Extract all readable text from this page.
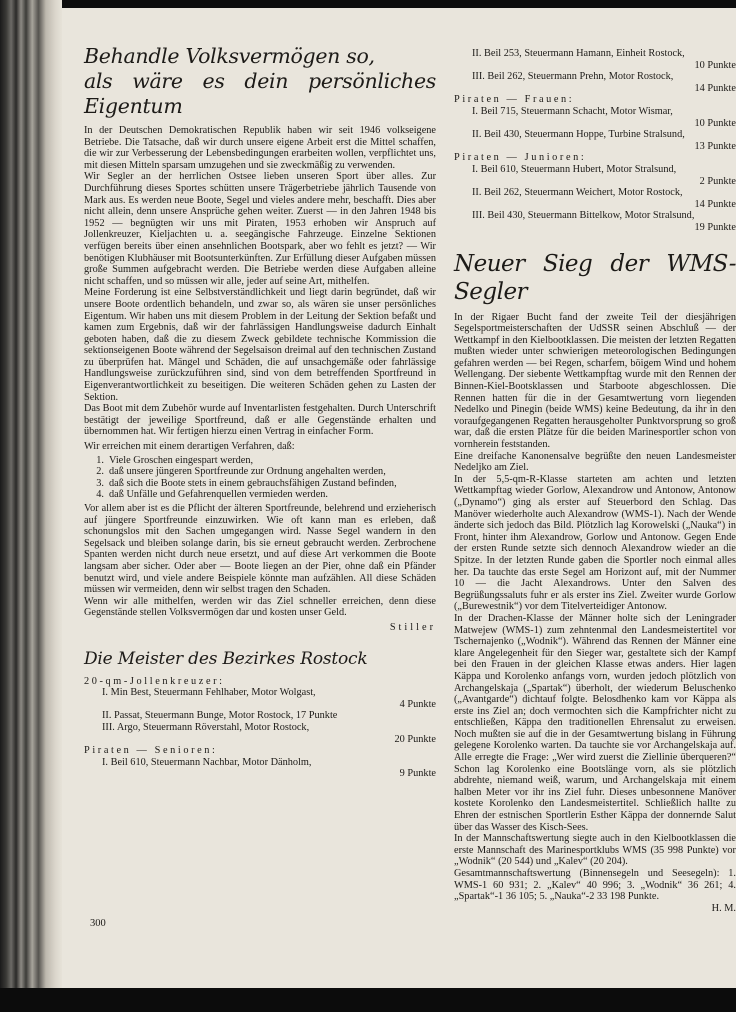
Behandle Volksvermögen so,
als wäre es dein persönliches Eigentum

In der Deutschen Demokratischen Republik haben wir seit 1946 volkseigene Betriebe. Die Tatsache, daß wir durch unsere eigene Arbeit erst die Mittel schaffen, die wir zur Verbesserung der Lebensbedingungen erarbeiten wollen, verpflichtet uns, mit diesen Mitteln sparsam umzugehen und sie zweckmäßig zu verwenden.

Wir Segler an der herrlichen Ostsee lieben unseren Sport über alles. Zur Durchführung dieses Sportes schütten unsere Trägerbetriebe jährlich Tausende von Mark aus. Es werden neue Boote, Segel und vieles andere mehr, beschafft. Dies aber nicht allein, denn unsere Ansprüche gehen weiter. Zuerst — in den Jahren 1948 bis 1952 — begnügten wir uns mit Piraten, 1953 erhoben wir Anspruch auf Jollenkreuzer, Kieljachten u. a. seegängische Fahrzeuge. Einzelne Sektionen verfügen bereits über einen ansehnlichen Bootspark, aber wo fehlt es jetzt? — Wir benötigen Klubhäuser mit Bootsunterkünften. Zur Erfüllung dieser Aufgaben müssen große Summen aufgebracht werden. Die Betriebe werden diese Aufgaben alleine nicht schaffen, und so müssen wir alle, jeder auf seine Art, mithelfen.

Meine Forderung ist eine Selbstverständlichkeit und liegt darin begründet, daß wir unsere Boote ordentlich behandeln, und zwar so, als wären sie unser persönliches Eigentum. Wir haben uns mit diesem Problem in der Leitung der Sektion befaßt und kamen zum Ergebnis, daß wir der fahrlässigen Handlungsweise dadurch Einhalt geboten haben, daß die zu diesem Zweck gebildete technische Kommission die sektionseigenen Boote während der Segelsaison dreimal auf den technischen Zustand zu überprüfen hat. Mängel und Schäden, die auf unsachgemäße oder fahrlässige Handlungsweise zurückzuführen sind, sind von dem betreffenden Sportfreund in Eigenverantwortlichkeit zu beseitigen. Die weiteren Schäden gehen zu Lasten der Sektion.

Das Boot mit dem Zubehör wurde auf Inventarlisten festgehalten. Durch Unterschrift bestätigt der jeweilige Sportfreund, daß er alle Gegenstände erhalten und übernommen hat. Wir fertigen hierzu einen Vertrag in einfacher Form.

Wir erreichen mit einem derartigen Verfahren, daß:

1. Viele Groschen eingespart werden,
2. daß unsere jüngeren Sportfreunde zur Ordnung angehalten werden,
3. daß sich die Boote stets in einem gebrauchsfähigen Zustand befinden,
4. daß Unfälle und Gefahrenquellen vermieden werden.

Vor allem aber ist es die Pflicht der älteren Sportfreunde, belehrend und erzieherisch auf jüngere Sportfreunde einzuwirken. Wie oft kann man es erleben, daß schonungslos mit den Sachen umgegangen wird. Nasse Segel wandern in den Segelsack und bleiben solange darin, bis sie erneut gebraucht werden. Zerbrochene Spanten werden nicht durch neue ersetzt, und auf diese Art verkommen die Boote langsam aber sicher. Oder aber — Boote liegen an der Pier, ohne daß ein Pfänder benutzt wird, und viele andere Beispiele könnte man aufzählen. All diese Schäden müssen wir vermeiden, denn wir selbst tragen den Schaden.

Wenn wir alle mithelfen, werden wir das Ziel schneller erreichen, denn diese Gegenstände stellen Volksvermögen dar und kosten unser Geld.

Stiller
Die Meister des Bezirkes Rostock
20-qm-Jollenkreuzer:
I. Min Best, Steuermann Fehlhaber, Motor Wolgast,
4 Punkte
II. Passat, Steuermann Bunge, Motor Rostock, 17 Punkte
III. Argo, Steuermann Röverstahl, Motor Rostock,
20 Punkte
Piraten — Senioren:
I. Beil 610, Steuermann Nachbar, Motor Dänholm,
9 Punkte
300
II. Beil 253, Steuermann Hamann, Einheit Rostock,
10 Punkte
III. Beil 262, Steuermann Prehn, Motor Rostock,
14 Punkte
Piraten — Frauen:
I. Beil 715, Steuermann Schacht, Motor Wismar,
10 Punkte
II. Beil 430, Steuermann Hoppe, Turbine Stralsund,
13 Punkte
Piraten — Junioren:
I. Beil 610, Steuermann Hubert, Motor Stralsund,
2 Punkte
II. Beil 262, Steuermann Weichert, Motor Rostock,
14 Punkte
III. Beil 430, Steuermann Bittelkow, Motor Stralsund,
19 Punkte
Neuer Sieg der WMS-Segler

In der Rigaer Bucht fand der zweite Teil der diesjährigen Segelsportmeisterschaften der UdSSR seinen Abschluß — der Wettkampf in den Kielbootklassen. Die meisten der letzten Regatten mußten wieder unter schwierigen meteorologischen Bedingungen gefahren werden — bei Regen, scharfem, böigem Wind und hohem Wellengang. Der siebente Wettkampftag wurde mit den Rennen der Binnen-Kiel-Bootsklassen und Starboote abgeschlossen. Die Rennen hatten für die in der Gesamtwertung vorn liegenden Nedelko und Pinegin (beide WMS) keine Bedeutung, da ihr in den voraufgegangenen Regatten herausgeholter Punktvorsprung so groß war, daß die ersten Plätze für die beiden Marinesportler schon von vornherein feststanden.

Eine dreifache Kanonensalve begrüßte den neuen Landesmeister Nedeljko am Ziel.

In der 5,5-qm-R-Klasse starteten am achten und letzten Wettkampftag wieder Gorlow, Alexandrow und Antonow, Antonow („Dynamo“) ging als erster auf Steuerbord den Schlag. Das Manöver wiederholte auch Alexandrow (WMS-1). Nach der Wende änderte sich jedoch das Bild. Plötzlich lag Korowelski („Nauka“) in Front, hinter ihm Alexandrow, Gorlow und Antonow. Gegen Ende der ersten Runde setzte sich dennoch Alexandrow wieder an die Spitze. In der letzten Runde gaben die Sportler noch einmal alles her. Da tauchte das erste Segel am Horizont auf, mit der Nummer 10 — die Jacht Alexandrows. Unter den Salven des Begrüßungssaluts fuhr er als erster ins Ziel. Zweiter wurde Gorlow („Burewestnik“) vor dem Titelverteidiger Antonow.

In der Drachen-Klasse der Männer holte sich der Leningrader Matwejew (WMS-1) zum zehntenmal den Landesmeistertitel vor Tschernajenko („Wodnik“). Während das Rennen der Männer eine klare Angelegenheit für den Sieger war, gestaltete sich der Kampf bei den Frauen in der gleichen Klasse etwas anders. Hier lagen Käppa und Korolenko anfangs vorn, wurden jedoch plötzlich von Archangelskaja („Spartak“) überholt, der wiederum Beluschenko („Avantgarde“) dichtauf folgte. Belosdhenko kam vor Käppa als erste ins Ziel an; doch vermochten sich die Kampfrichter nicht zu entschließen, Käppa den traditionellen Ehrensalut zu erweisen. Noch mußten sie auf die in der Gesamtwertung bislang in Führung gelegene Korolenko warten. Da tauchte sie vor Archangelskaja auf. Alle erregte die Frage: „Wer wird zuerst die Ziellinie überqueren?“ Schon lag Korolenko eine Bootslänge vorn, als sie plötzlich abdrehte, niemand weiß, warum, und Archangelskaja mit einem halben Meter vor ihr ins Ziel fuhr. Dieses unbesonnene Manöver kostete Korolenko den Landesmeistertitel. Schließlich hallte zu Ehren der estnischen Sportlerin Esther Käppa der donnernde Salut über das Wasser des Kisch-Sees.

In der Mannschaftswertung siegte auch in den Kielbootklassen die erste Mannschaft des Marinesportklubs WMS (35 998 Punkte) vor „Wodnik“ (20 544) und „Kalev“ (20 204).

Gesamtmannschaftswertung (Binnensegeln und Seesegeln): 1. WMS-1 60 931; 2. „Kalev“ 40 996; 3. „Wodnik“ 36 261; 4. „Spartak“-1 36 105; 5. „Nauka“-2 33 198 Punkte.

H. M.
